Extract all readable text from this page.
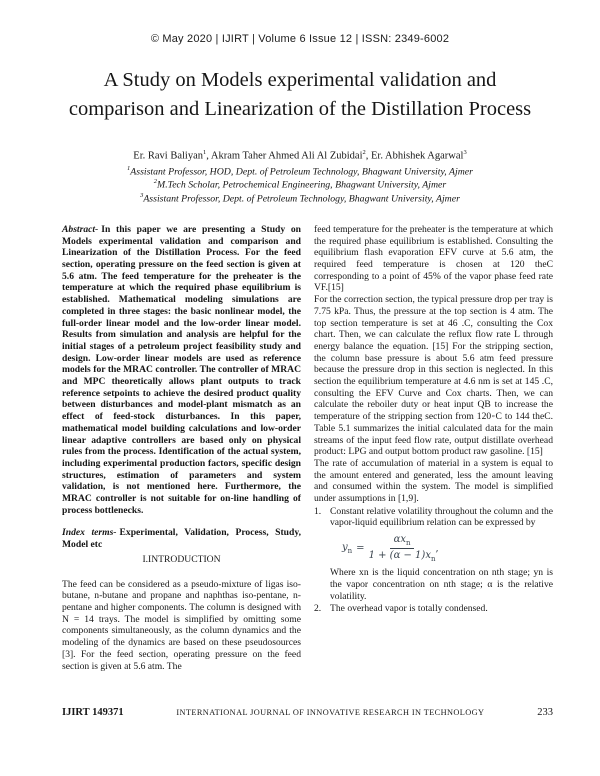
© May 2020 | IJIRT | Volume 6 Issue 12 | ISSN: 2349-6002
A Study on Models experimental validation and
comparison and Linearization of the Distillation Process
Er. Ravi Baliyan$^1$, Akram Taher Ahmed Ali Al Zubidai$^2$, Er. Abhishek Agarwal$^3$
$^1$Assistant Professor, HOD, Dept. of Petroleum Technology, Bhagwant University, Ajmer
$^2$M.Tech Scholar, Petrochemical Engineering, Bhagwant University, Ajmer
$^3$Assistant Professor, Dept. of Petroleum Technology, Bhagwant University, Ajmer
Abstract- In this paper we are presenting a Study on Models experimental validation and comparison and Linearization of the Distillation Process. For the feed section, operating pressure on the feed section is given at 5.6 atm. The feed temperature for the preheater is the temperature at which the required phase equilibrium is established. Mathematical modeling simulations are completed in three stages: the basic nonlinear model, the full-order linear model and the low-order linear model. Results from simulation and analysis are helpful for the initial stages of a petroleum project feasibility study and design. Low-order linear models are used as reference models for the MRAC controller. The controller of MRAC and MPC theoretically allows plant outputs to track reference setpoints to achieve the desired product quality between disturbances and model-plant mismatch as an effect of feed-stock disturbances. In this paper, mathematical model building calculations and low-order linear adaptive controllers are based only on physical rules from the process. Identification of the actual system, including experimental production factors, specific design structures, estimation of parameters and system validation, is not mentioned here. Furthermore, the MRAC controller is not suitable for on-line handling of process bottlenecks.
Index terms- Experimental, Validation, Process, Study, Model etc
I.INTRODUCTION
The feed can be considered as a pseudo-mixture of ligas iso-butane, n-butane and propane and naphthas iso-pentane, n-pentane and higher components. The column is designed with N = 14 trays. The model is simplified by omitting some components simultaneously, as the column dynamics and the modeling of the dynamics are based on these pseudosources [3]. For the feed section, operating pressure on the feed section is given at 5.6 atm. The
feed temperature for the preheater is the temperature at which the required phase equilibrium is established. Consulting the equilibrium flash evaporation EFV curve at 5.6 atm, the required feed temperature is chosen at 120 theC corresponding to a point of 45% of the vapor phase feed rate VF.[15]
For the correction section, the typical pressure drop per tray is 7.75 kPa. Thus, the pressure at the top section is 4 atm. The top section temperature is set at 46 .C, consulting the Cox chart. Then, we can calculate the reflux flow rate L through energy balance the equation. [15] For the stripping section, the column base pressure is about 5.6 atm feed pressure because the pressure drop in this section is neglected. In this section the equilibrium temperature at 4.6 nm is set at 145 .C, consulting the EFV Curve and Cox charts. Then, we can calculate the reboiler duty or heat input QB to increase the temperature of the stripping section from 120◦C to 144 theC. Table 5.1 summarizes the initial calculated data for the main streams of the input feed flow rate, output distillate overhead product: LPG and output bottom product raw gasoline. [15]
The rate of accumulation of material in a system is equal to the amount entered and generated, less the amount leaving and consumed within the system. The model is simplified under assumptions in [1,9].
1. Constant relative volatility throughout the column and the vapor-liquid equilibrium relation can be expressed by
$y_n = \frac{\alpha x_n}{1 + (\alpha - 1)x_n}$ ,
Where xn is the liquid concentration on nth stage; yn is the vapor concentration on nth stage; α is the relative volatility.
2. The overhead vapor is totally condensed.
IJIRT 149371	INTERNATIONAL JOURNAL OF INNOVATIVE RESEARCH IN TECHNOLOGY	233
